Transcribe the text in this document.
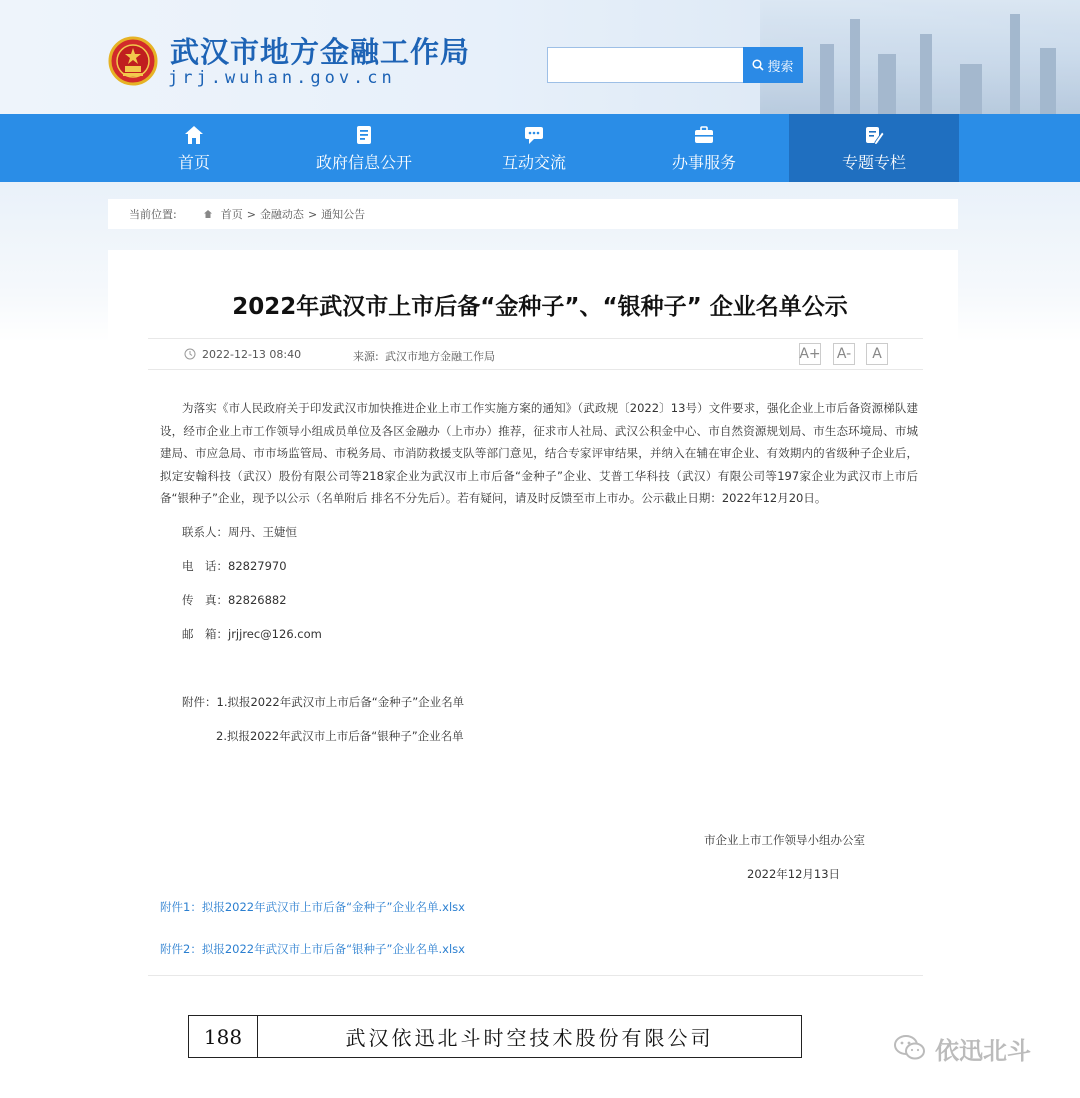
武汉市地方金融工作局
jrj.wuhan.gov.cn
搜索
首页	政府信息公开	互动交流	办事服务	专题专栏
当前位置:	首页 > 金融动态 > 通知公告
2022年武汉市上市后备“金种子”、“银种子” 企业名单公示
2022-12-13 08:40	来源: 武汉市地方金融工作局	A+ A- A

为落实《市人民政府关于印发武汉市加快推进企业上市工作实施方案的通知》（武政规〔2022〕13号）文件要求，强化企业上市后备资源梯队建设，经市企业上市工作领导小组成员单位及各区金融办（上市办）推荐，征求市人社局、武汉公积金中心、市自然资源规划局、市生态环境局、市城建局、市应急局、市市场监管局、市税务局、市消防救援支队等部门意见，结合专家评审结果，并纳入在辅在审企业、有效期内的省级种子企业后，拟定安翰科技（武汉）股份有限公司等218家企业为武汉市上市后备“金种子”企业、艾普工华科技（武汉）有限公司等197家企业为武汉市上市后备“银种子”企业，现予以公示（名单附后 排名不分先后）。若有疑问，请及时反馈至市上市办。公示截止日期：2022年12月20日。

联系人：周丹、王婕恒
电　话：82827970
传　真：82826882
邮　箱：jrjjrec@126.com
附件：1.拟报2022年武汉市上市后备“金种子”企业名单
2.拟报2022年武汉市上市后备“银种子”企业名单
市企业上市工作领导小组办公室
2022年12月13日
附件1：拟报2022年武汉市上市后备“金种子”企业名单.xlsx
附件2：拟报2022年武汉市上市后备“银种子”企业名单.xlsx
188	武汉依迅北斗时空技术股份有限公司	依迅北斗
